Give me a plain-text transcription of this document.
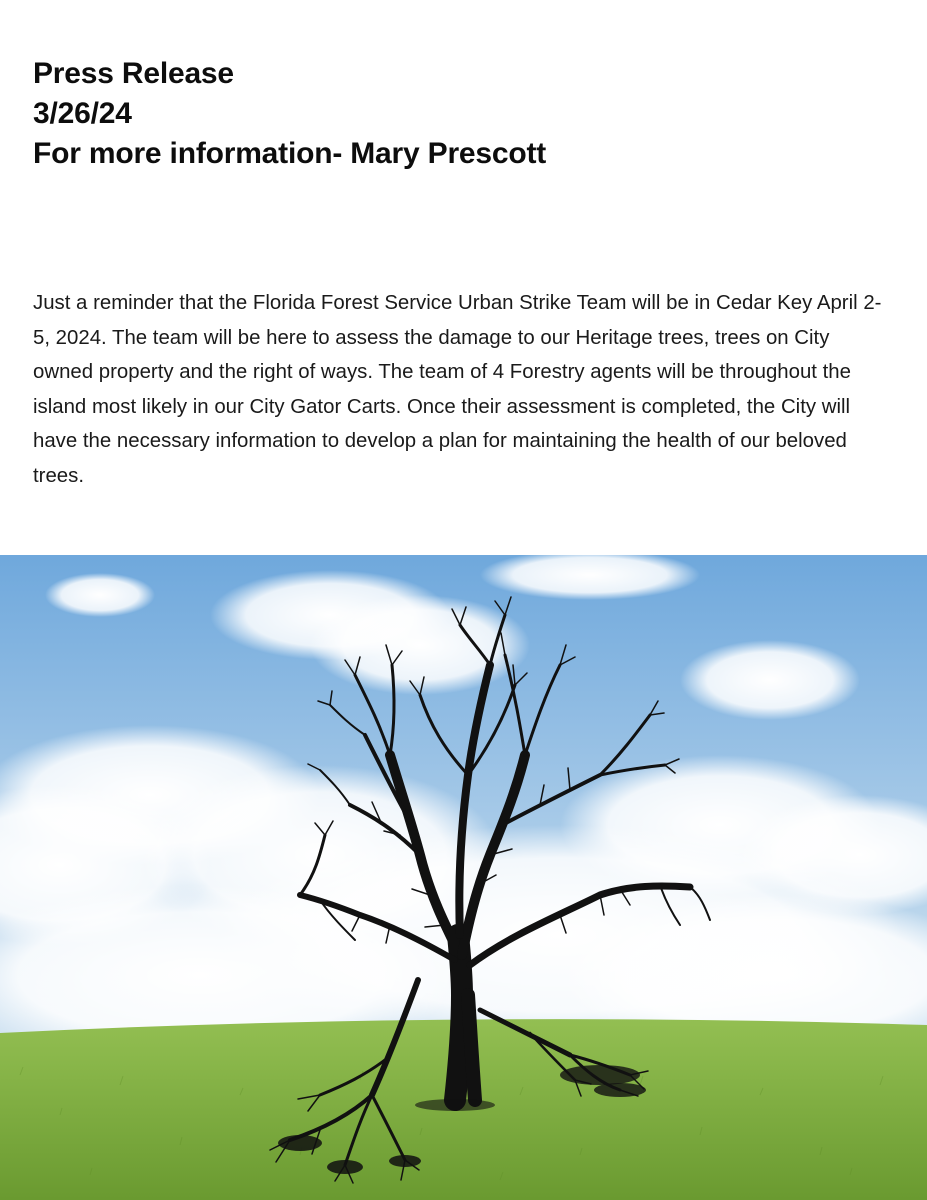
Press Release
3/26/24
For more information- Mary Prescott

Just a reminder that the Florida Forest Service Urban Strike Team will be in Cedar Key April 2-5, 2024. The team will be here to assess the damage to our Heritage trees, trees on City owned property and the right of ways. The team of 4 Forestry agents will be throughout the island most likely in our City Gator Carts. Once their assessment is completed, the City will have the necessary information to develop a plan for maintaining the health of our beloved trees.
